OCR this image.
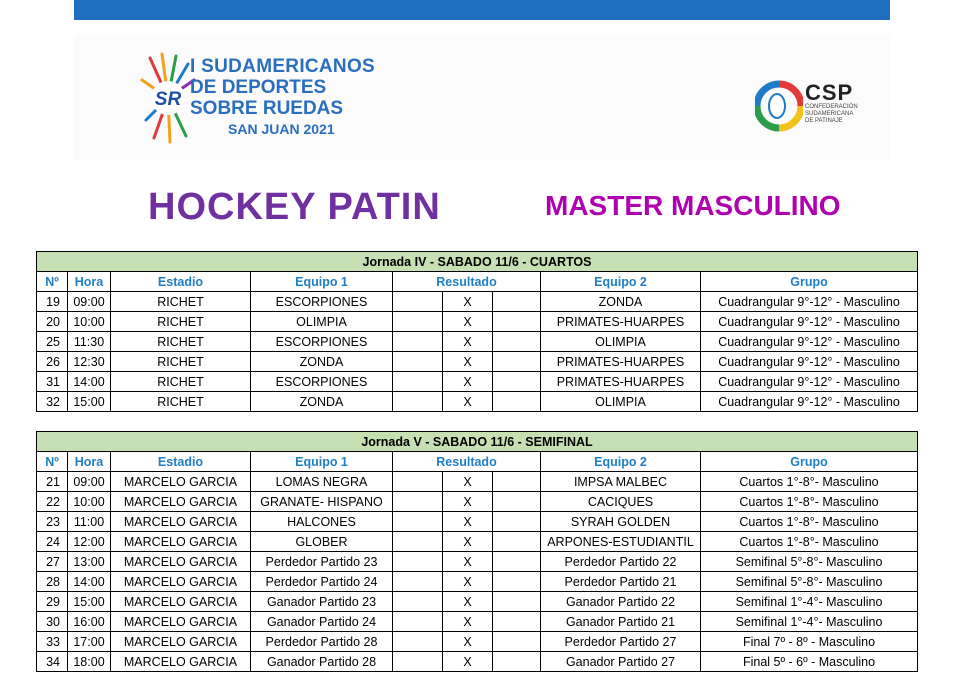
SR
I SUDAMERICANOS
DE DEPORTES
SOBRE RUEDAS
SAN JUAN 2021
CSP
CONFEDERACIÓN
SUDAMERICANA
DE PATINAJE
HOCKEY PATIN	MASTER MASCULINO
Jornada IV - SABADO 11/6 - CUARTOS								
Nº	Hora	Estadio	Equipo 1	Resultado			Equipo 2	Grupo
19	09:00	RICHET	ESCORPIONES		X		ZONDA	Cuadrangular 9°-12° - Masculino
20	10:00	RICHET	OLIMPIA		X		PRIMATES-HUARPES	Cuadrangular 9°-12° - Masculino
25	11:30	RICHET	ESCORPIONES		X		OLIMPIA	Cuadrangular 9°-12° - Masculino
26	12:30	RICHET	ZONDA		X		PRIMATES-HUARPES	Cuadrangular 9°-12° - Masculino
31	14:00	RICHET	ESCORPIONES		X		PRIMATES-HUARPES	Cuadrangular 9°-12° - Masculino
32	15:00	RICHET	ZONDA		X		OLIMPIA	Cuadrangular 9°-12° - Masculino

Jornada V - SABADO 11/6 - SEMIFINAL								
Nº	Hora	Estadio	Equipo 1	Resultado			Equipo 2	Grupo
21	09:00	MARCELO GARCIA	LOMAS NEGRA		X		IMPSA MALBEC	Cuartos 1°-8°- Masculino
22	10:00	MARCELO GARCIA	GRANATE- HISPANO		X		CACIQUES	Cuartos 1°-8°- Masculino
23	11:00	MARCELO GARCIA	HALCONES		X		SYRAH GOLDEN	Cuartos 1°-8°- Masculino
24	12:00	MARCELO GARCIA	GLOBER		X		ARPONES-ESTUDIANTIL	Cuartos 1°-8°- Masculino
27	13:00	MARCELO GARCIA	Perdedor Partido 23		X		Perdedor Partido 22	Semifinal 5°-8°- Masculino
28	14:00	MARCELO GARCIA	Perdedor Partido 24		X		Perdedor Partido 21	Semifinal 5°-8°- Masculino
29	15:00	MARCELO GARCIA	Ganador Partido 23		X		Ganador Partido 22	Semifinal 1°-4°- Masculino
30	16:00	MARCELO GARCIA	Ganador Partido 24		X		Ganador Partido 21	Semifinal 1°-4°- Masculino
33	17:00	MARCELO GARCIA	Perdedor Partido 28		X		Perdedor Partido 27	Final 7º - 8º - Masculino
34	18:00	MARCELO GARCIA	Ganador Partido 28		X		Ganador Partido 27	Final 5º - 6º - Masculino
